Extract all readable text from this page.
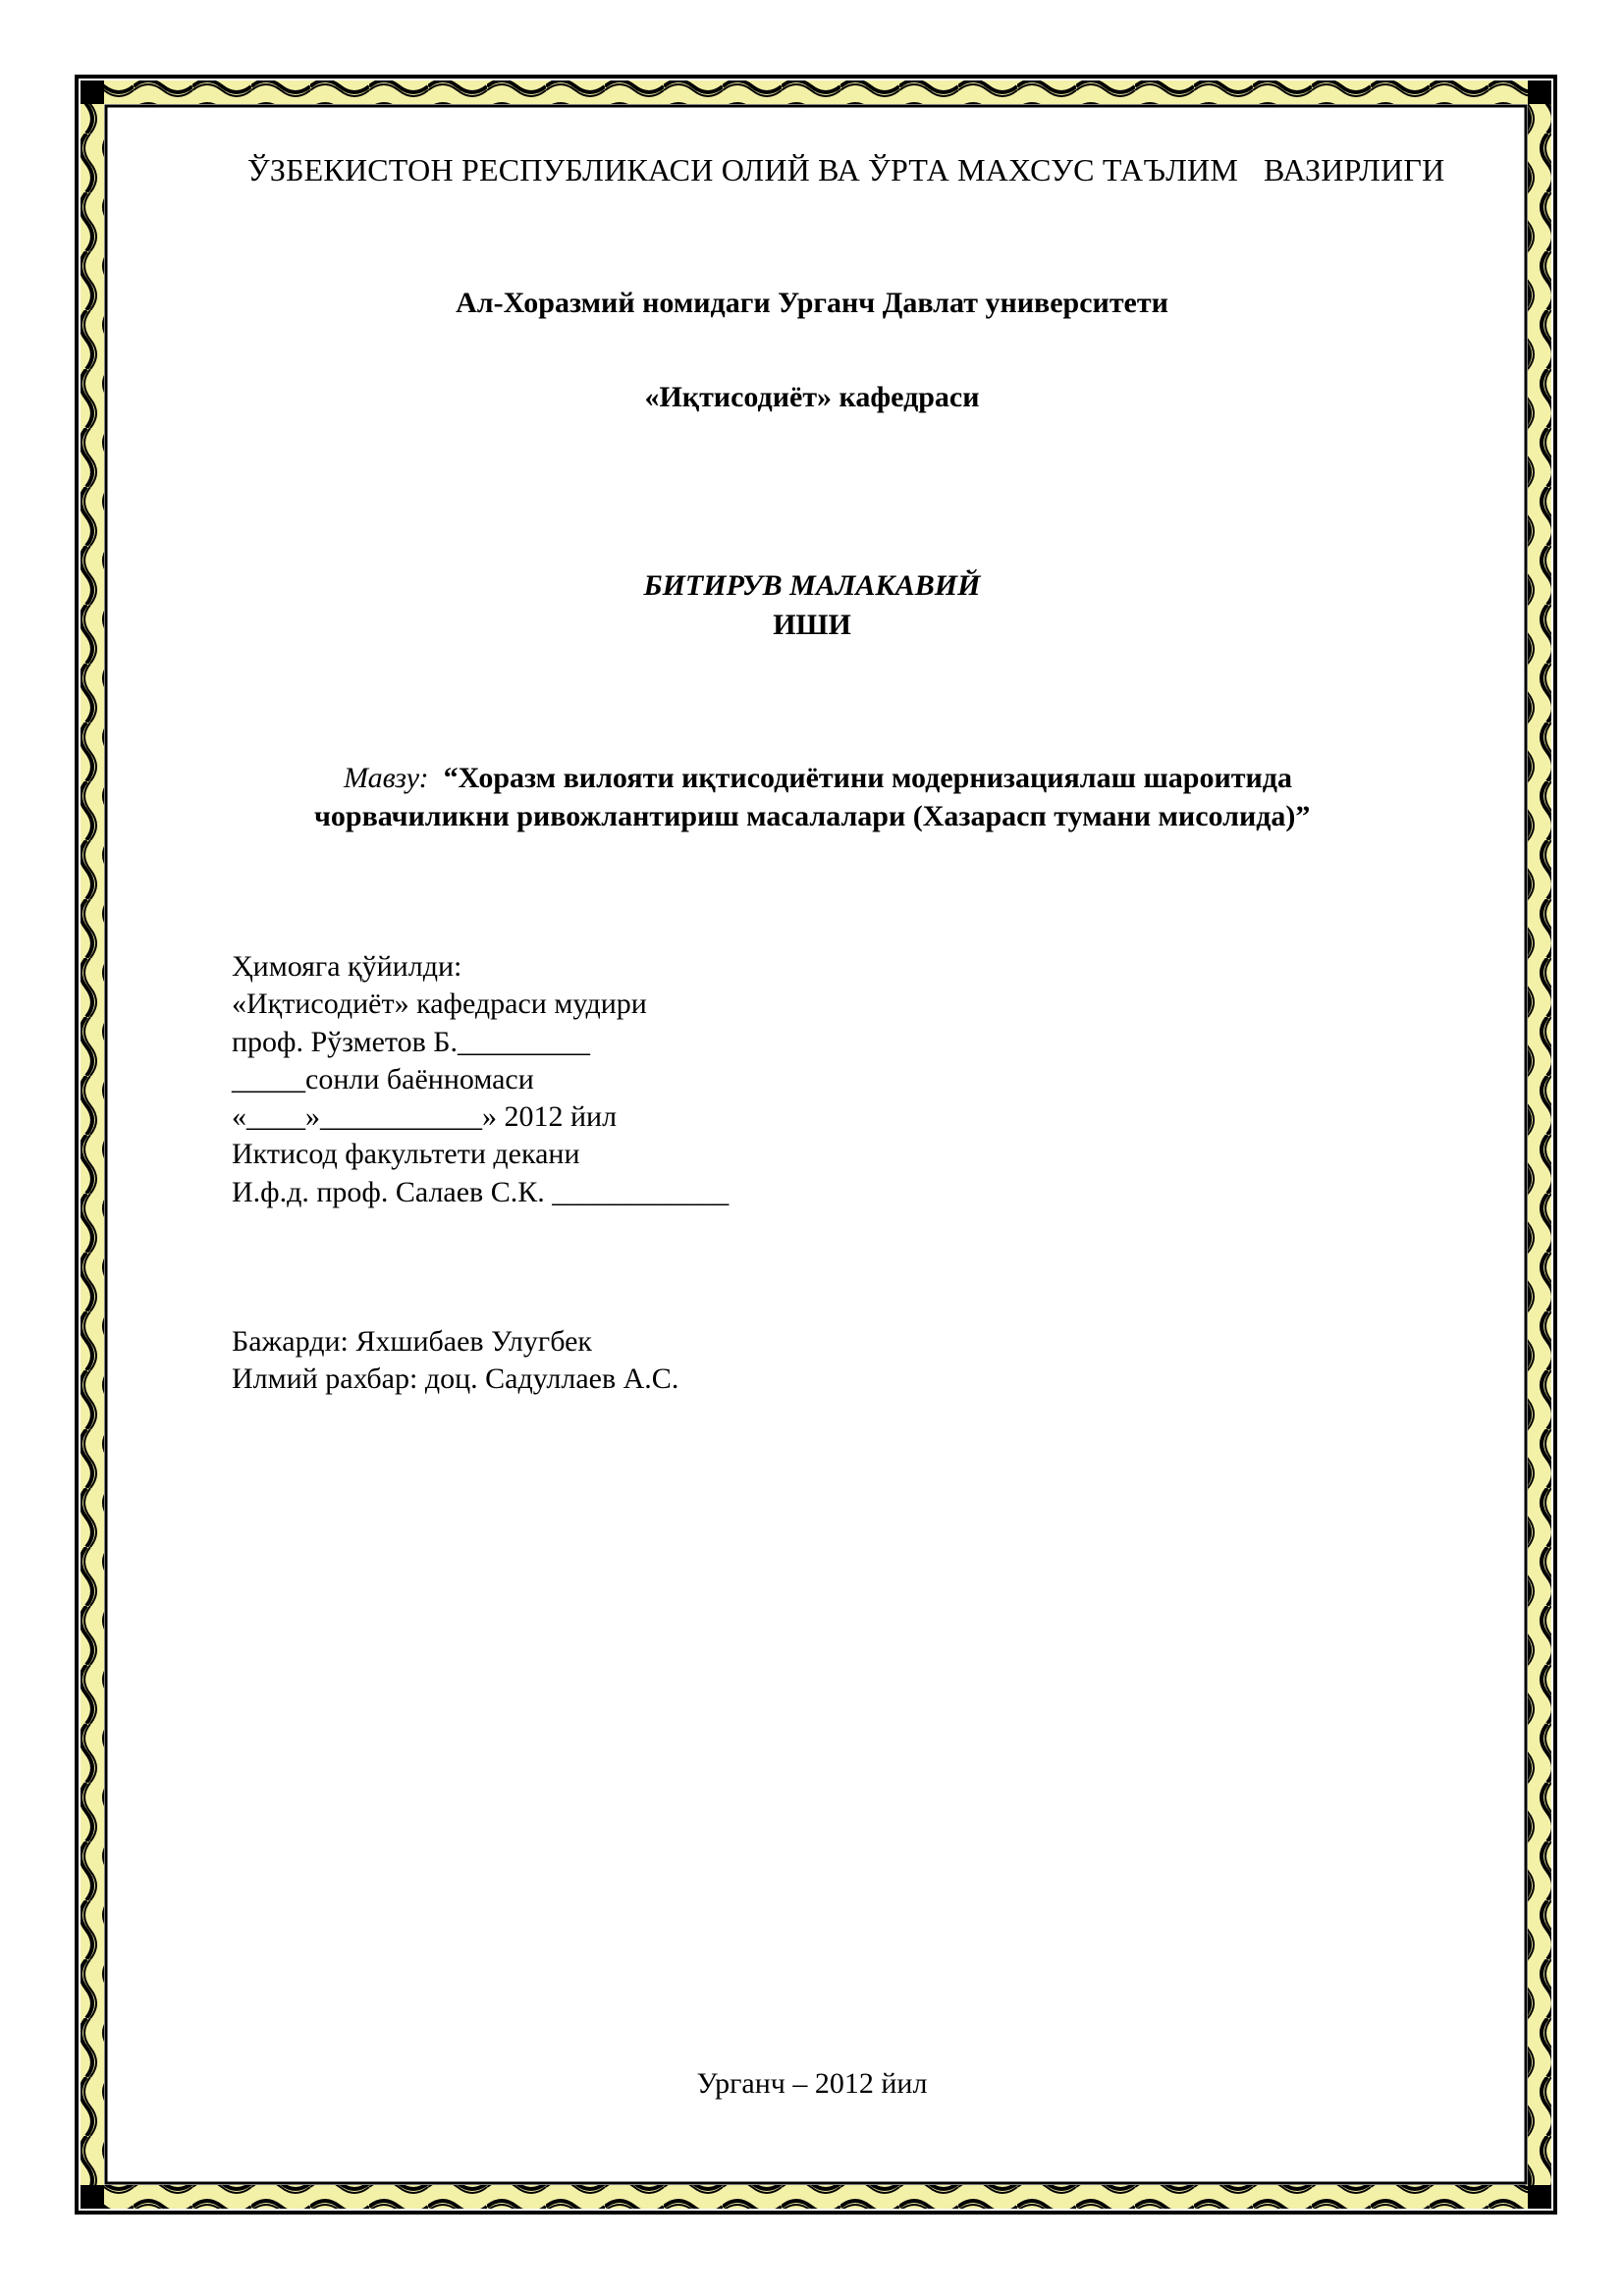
ЎЗБЕКИСТОН РЕСПУБЛИКАСИ ОЛИЙ ВА ЎРТА МАХСУС ТАЪЛИМ ВАЗИРЛИГИ
Ал-Хоразмий номидаги Урганч Давлат университети
«Иқтисодиёт» кафедраси
БИТИРУВ МАЛАКАВИЙ
ИШИ
Мавзу: “Хоразм вилояти иқтисодиётини модернизациялаш шароитида
чорвачиликни ривожлантириш масалалари (Хазарасп тумани мисолида)”
Ҳимояга қўйилди:
«Иқтисодиёт» кафедраси мудири
проф. Рўзметов Б._________
_____сонли баённомаси
«____»___________» 2012 йил
Иктисод факультети декани
И.ф.д. проф. Салаев С.К. ____________
Бажарди: Яхшибаев Улугбек
Илмий рахбар: доц. Садуллаев А.С.
Урганч – 2012 йил
